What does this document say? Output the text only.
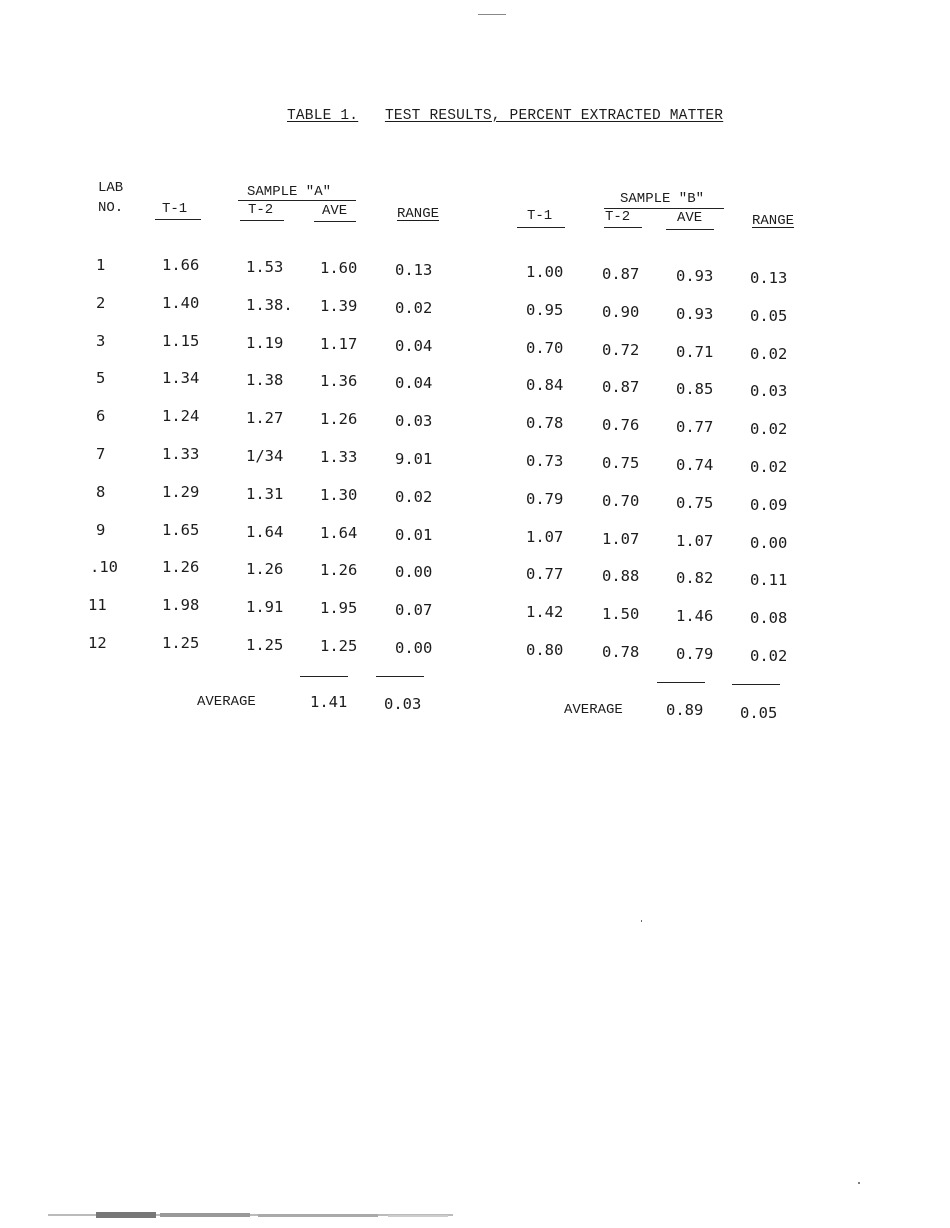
TABLE 1. TEST RESULTS, PERCENT EXTRACTED MATTER
LAB
NO.	T-1
SAMPLE "A"
T-2	AVE	RANGE	T-1
SAMPLE "B"
T-2	AVE	RANGE
1	1.66	1.53 1.60 0.13	1.00 0.87 0.93 0.13
2	1.40	1.38. 1.39 0.02	0.95 0.90 0.93 0.05
3	1.15	1.19 1.17 0.04	0.70 0.72 0.71 0.02
5	1.34	1.38 1.36 0.04	0.84 0.87 0.85 0.03
6	1.24	1.27 1.26 0.03	0.78 0.76 0.77 0.02
7	1.33	1/34 1.33 9.01	0.73 0.75 0.74 0.02
8	1.29	1.31 1.30 0.02	0.79 0.70 0.75 0.09
9	1.65	1.64 1.64 0.01	1.07 1.07 1.07 0.00
.10	1.26	1.26 1.26 0.00	0.77 0.88 0.82 0.11
11	1.98	1.91 1.95 0.07	1.42 1.50 1.46 0.08
12	1.25	1.25 1.25 0.00	0.80 0.78 0.79 0.02
AVERAGE	1.41 0.03	AVERAGE	0.89 0.05
